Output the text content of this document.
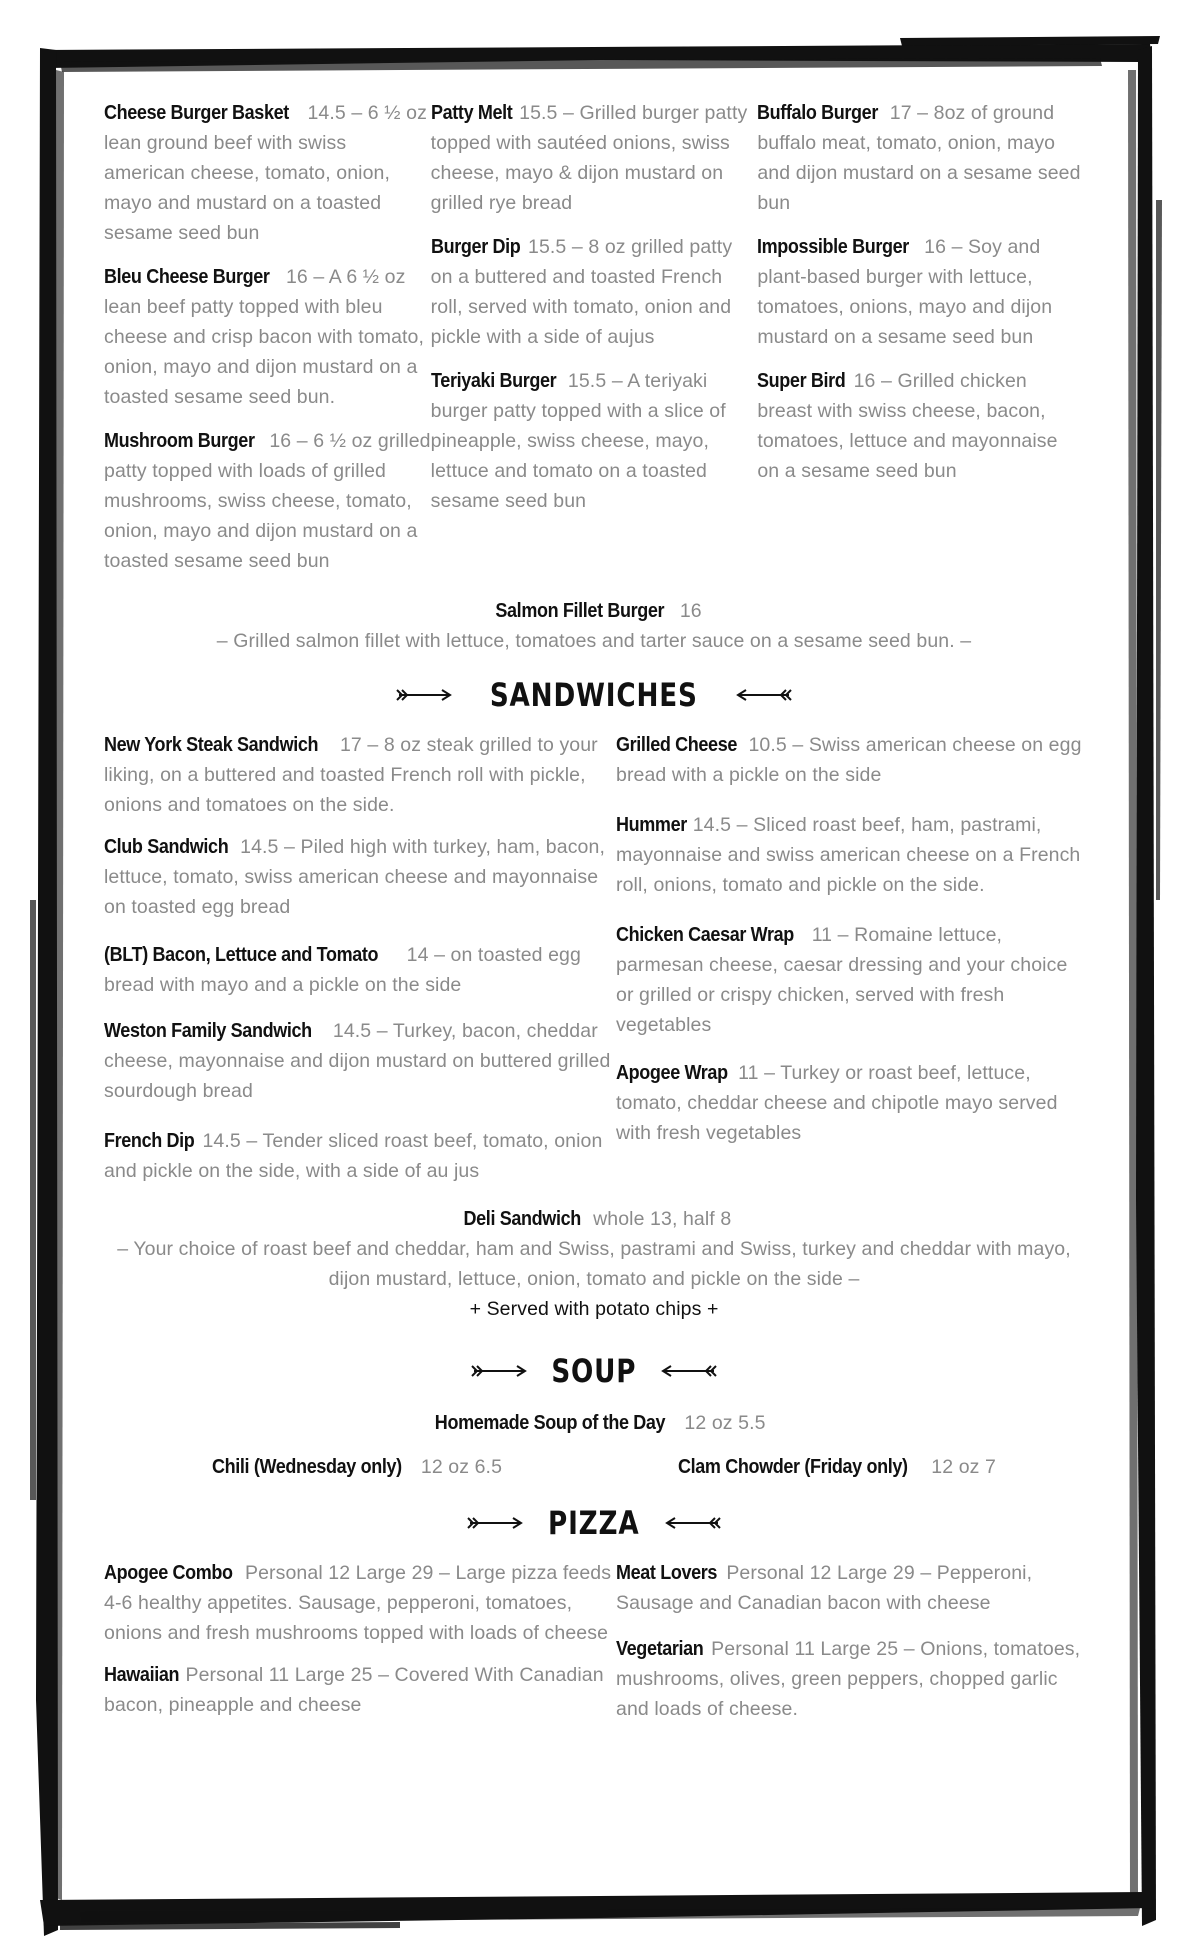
Cheese Burger Basket 14.5 – 6 ½ oz lean ground beef with swiss american cheese, tomato, onion, mayo and mustard on a toasted sesame seed bun
Bleu Cheese Burger 16 – A 6 ½ oz lean beef patty topped with bleu cheese and crisp bacon with tomato, onion, mayo and dijon mustard on a toasted sesame seed bun.
Mushroom Burger 16 – 6 ½ oz grilled patty topped with loads of grilled mushrooms, swiss cheese, tomato, onion, mayo and dijon mustard on a toasted sesame seed bun
Patty Melt 15.5 – Grilled burger patty topped with sautéed onions, swiss cheese, mayo & dijon mustard on grilled rye bread
Burger Dip 15.5 – 8 oz grilled patty on a buttered and toasted French roll, served with tomato, onion and pickle with a side of aujus
Teriyaki Burger 15.5 – A teriyaki burger patty topped with a slice of pineapple, swiss cheese, mayo, lettuce and tomato on a toasted sesame seed bun
Buffalo Burger 17 – 8oz of ground buffalo meat, tomato, onion, mayo and dijon mustard on a sesame seed bun
Impossible Burger 16 – Soy and plant-based burger with lettuce, tomatoes, onions, mayo and dijon mustard on a sesame seed bun
Super Bird 16 – Grilled chicken breast with swiss cheese, bacon, tomatoes, lettuce and mayonnaise on a sesame seed bun
Salmon Fillet Burger 16
– Grilled salmon fillet with lettuce, tomatoes and tarter sauce on a sesame seed bun. –
SANDWICHES
New York Steak Sandwich 17 – 8 oz steak grilled to your liking, on a buttered and toasted French roll with pickle, onions and tomatoes on the side.
Club Sandwich 14.5 – Piled high with turkey, ham, bacon, lettuce, tomato, swiss american cheese and mayonnaise on toasted egg bread
(BLT) Bacon, Lettuce and Tomato 14 – on toasted egg bread with mayo and a pickle on the side
Weston Family Sandwich 14.5 – Turkey, bacon, cheddar cheese, mayonnaise and dijon mustard on buttered grilled sourdough bread
French Dip 14.5 – Tender sliced roast beef, tomato, onion and pickle on the side, with a side of au jus
Grilled Cheese 10.5 – Swiss american cheese on egg bread with a pickle on the side
Hummer 14.5 – Sliced roast beef, ham, pastrami, mayonnaise and swiss american cheese on a French roll, onions, tomato and pickle on the side.
Chicken Caesar Wrap 11 – Romaine lettuce, parmesan cheese, caesar dressing and your choice or grilled or crispy chicken, served with fresh vegetables
Apogee Wrap 11 – Turkey or roast beef, lettuce, tomato, cheddar cheese and chipotle mayo served with fresh vegetables
Deli Sandwich whole 13, half 8
– Your choice of roast beef and cheddar, ham and Swiss, pastrami and Swiss, turkey and cheddar with mayo, dijon mustard, lettuce, onion, tomato and pickle on the side –
+ Served with potato chips +
SOUP
Homemade Soup of the Day 12 oz 5.5
Chili (Wednesday only) 12 oz 6.5	Clam Chowder (Friday only) 12 oz 7
PIZZA
Apogee Combo Personal 12 Large 29 – Large pizza feeds 4-6 healthy appetites. Sausage, pepperoni, tomatoes, onions and fresh mushrooms topped with loads of cheese
Hawaiian Personal 11 Large 25 – Covered With Canadian bacon, pineapple and cheese
Meat Lovers Personal 12 Large 29 – Pepperoni, Sausage and Canadian bacon with cheese
Vegetarian Personal 11 Large 25 – Onions, tomatoes, mushrooms, olives, green peppers, chopped garlic and loads of cheese.
